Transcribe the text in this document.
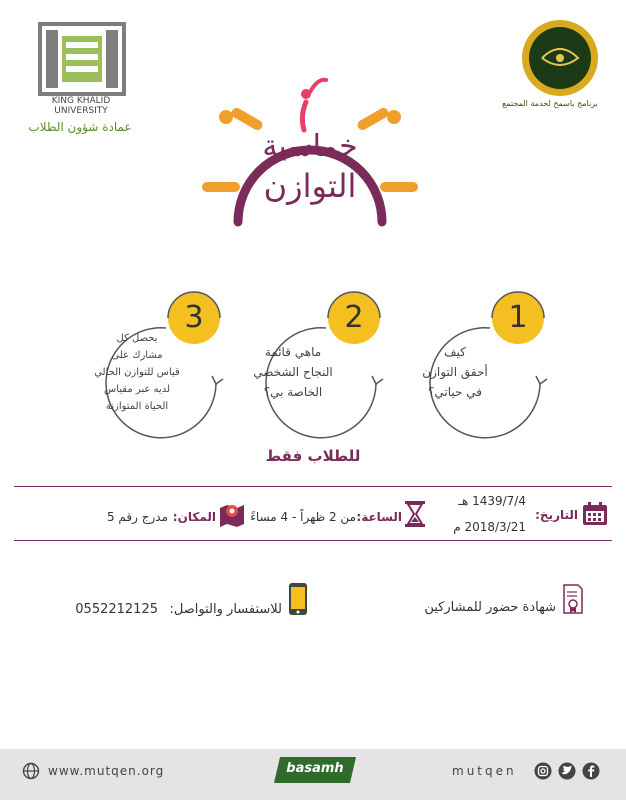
KING KHALID UNIVERSITY
عمادة شؤون الطلاب
برنامج باسمح لخدمة المجتمع
خماسية
التوازن
1
كيف
أحقق التوازن
في حياتي؟
2
ماهي قائمة
النجاح الشخصي
الخاصة بي؟
3
يحصل كل
مشارك على
قياس للتوازن الحالي
لديه عبر مقياس
الحياة المتوازنة
للطلاب فقط
التاريخ:
1439/7/4 هـ
2018/3/21 م
الساعة:
من 2 ظهراً - 4 مساءً
المكان:
مدرج رقم 5
شهادة حضور للمشاركين
للاستفسار والتواصل:
0552212125
www.mutqen.org	basamh	mutqen
